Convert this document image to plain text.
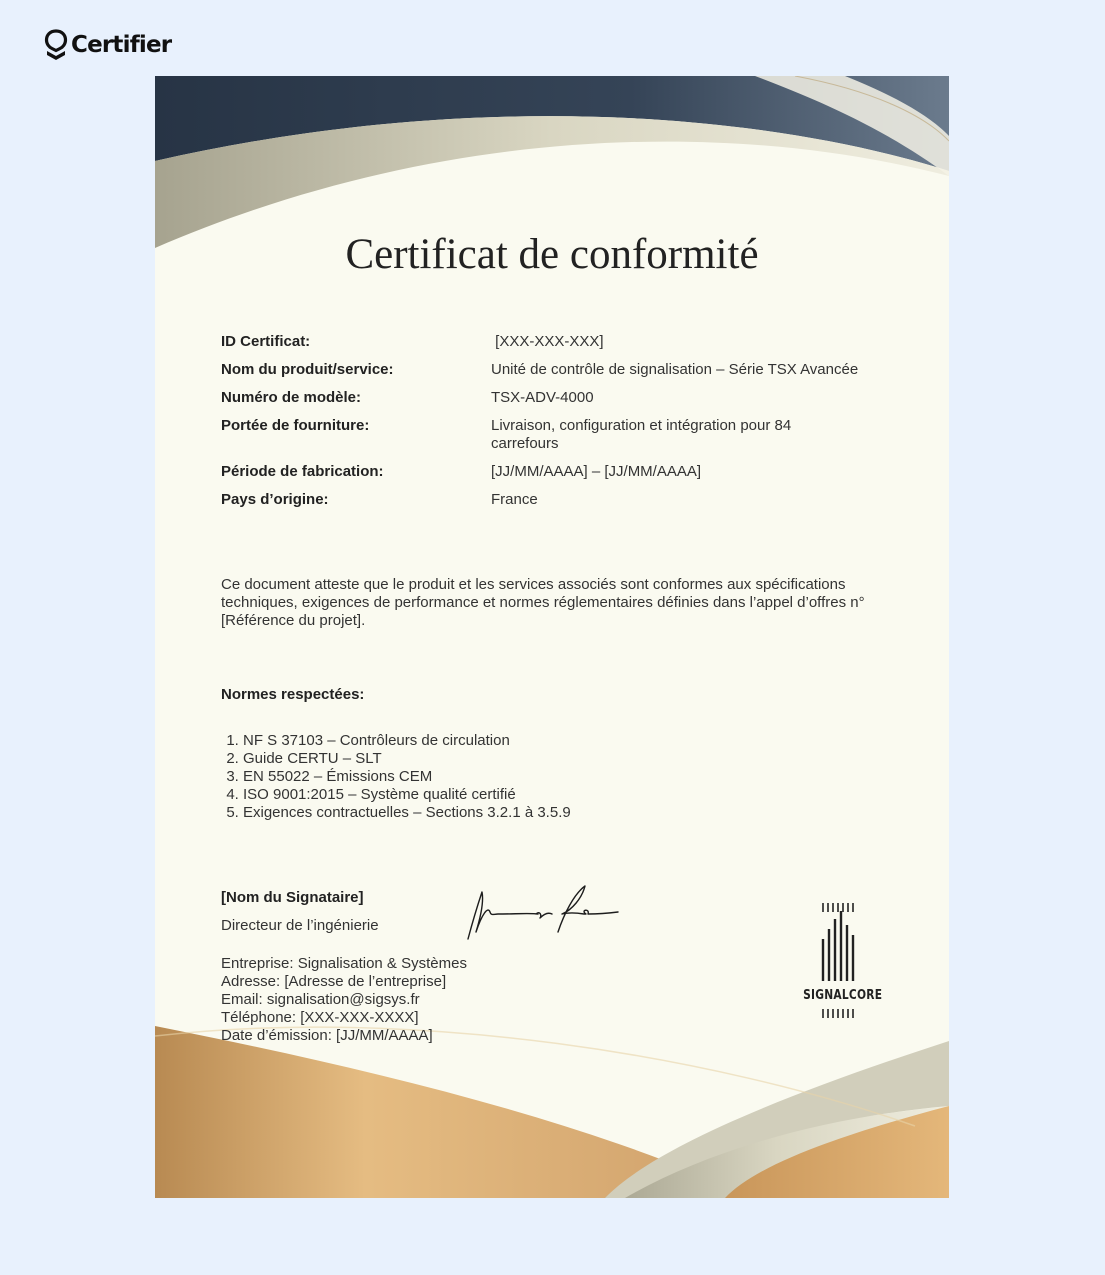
Certifier
Certificat de conformité
ID Certificat:	[XXX-XXX-XXX]
Nom du produit/service:	Unité de contrôle de signalisation – Série TSX Avancée
Numéro de modèle:	TSX-ADV-4000
Portée de fourniture:	Livraison, configuration et intégration pour 84 carrefours
Période de fabrication:	[JJ/MM/AAAA] – [JJ/MM/AAAA]
Pays d’origine:	France

Ce document atteste que le produit et les services associés sont conformes aux spécifications techniques, exigences de performance et normes réglementaires définies dans l’appel d’offres n° [Référence du projet].

Normes respectées:

1. NF S 37103 – Contrôleurs de circulation
2. Guide CERTU – SLT
3. EN 55022 – Émissions CEM
4. ISO 9001:2015 – Système qualité certifié
5. Exigences contractuelles – Sections 3.2.1 à 3.5.9
[Nom du Signataire]
Directeur de l’ingénierie
Entreprise: Signalisation & Systèmes
Adresse: [Adresse de l’entreprise]
Email: signalisation@sigsys.fr
Téléphone: [XXX-XXX-XXXX]
Date d’émission: [JJ/MM/AAAA]
SIGNALCORE
